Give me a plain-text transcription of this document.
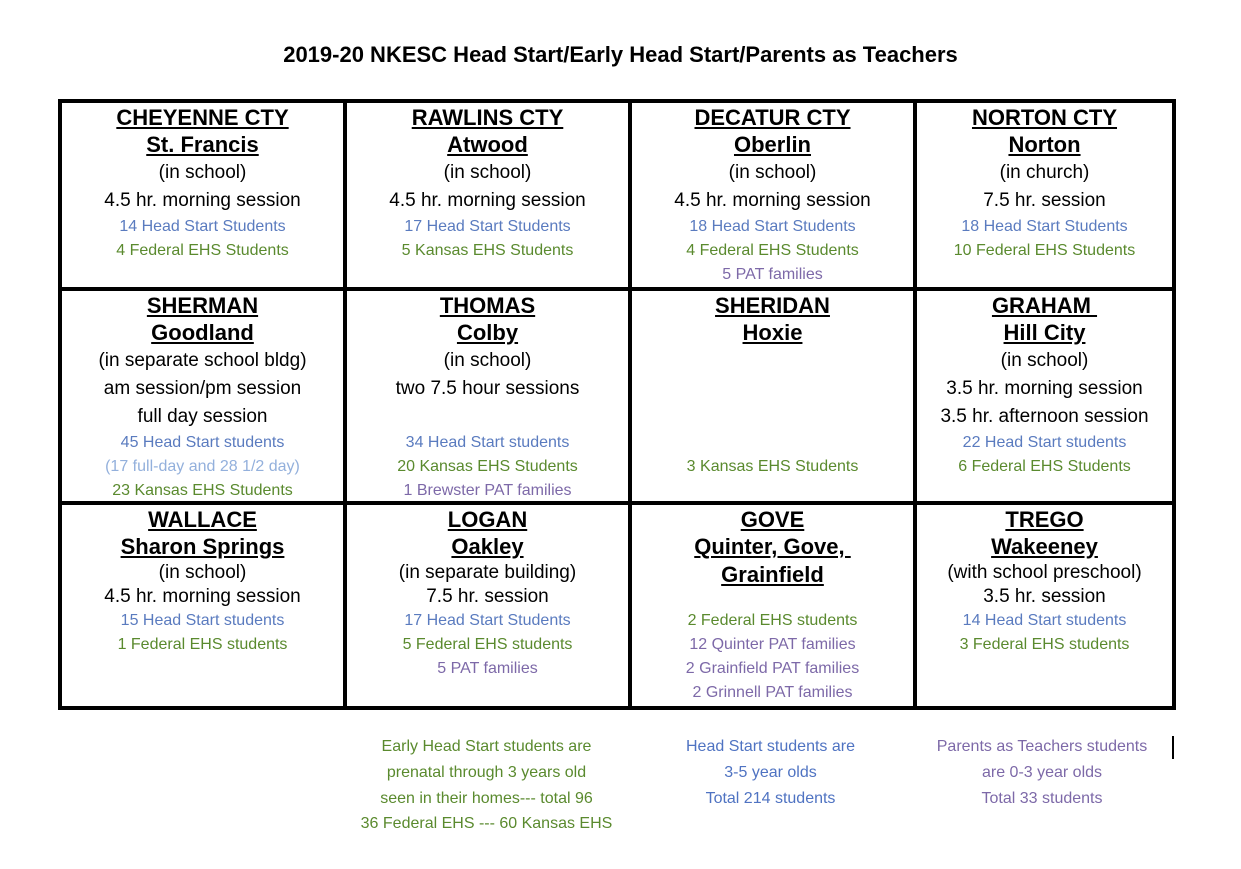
2019-20 NKESC Head Start/Early Head Start/Parents as Teachers
CHEYENNE CTY
St. Francis
(in school)
4.5 hr. morning session
14 Head Start Students
4 Federal EHS Students
RAWLINS CTY
Atwood
(in school)
4.5 hr. morning session
17 Head Start Students
5 Kansas EHS Students
DECATUR CTY
Oberlin
(in school)
4.5 hr. morning session
18 Head Start Students
4 Federal EHS Students
5 PAT families
NORTON CTY
Norton
(in church)
7.5 hr. session
18 Head Start Students
10 Federal EHS Students
SHERMAN
Goodland
(in separate school bldg)
am session/pm session
full day session
45 Head Start students
(17 full-day and 28 1/2 day)
23 Kansas EHS Students
THOMAS
Colby
(in school)
two 7.5 hour sessions
34 Head Start students
20 Kansas EHS Students
1 Brewster PAT families
SHERIDAN
Hoxie
3 Kansas EHS Students
GRAHAM
Hill City
(in school)
3.5 hr. morning session
3.5 hr. afternoon session
22 Head Start students
6 Federal EHS Students
WALLACE
Sharon Springs
(in school)
4.5 hr. morning session
15 Head Start students
1 Federal EHS students
LOGAN
Oakley
(in separate building)
7.5 hr. session
17 Head Start Students
5 Federal EHS students
5 PAT families
GOVE
Quinter, Gove,
Grainfield
2 Federal EHS students
12 Quinter PAT families
2 Grainfield PAT families
2 Grinnell PAT families
TREGO
Wakeeney
(with school preschool)
3.5 hr. session
14 Head Start students
3 Federal EHS students
Early Head Start students are
prenatal through 3 years old
seen in their homes--- total 96
36 Federal EHS --- 60 Kansas EHS
Head Start students are
3-5 year olds
Total 214 students
Parents as Teachers students
are 0-3 year olds
Total 33 students
